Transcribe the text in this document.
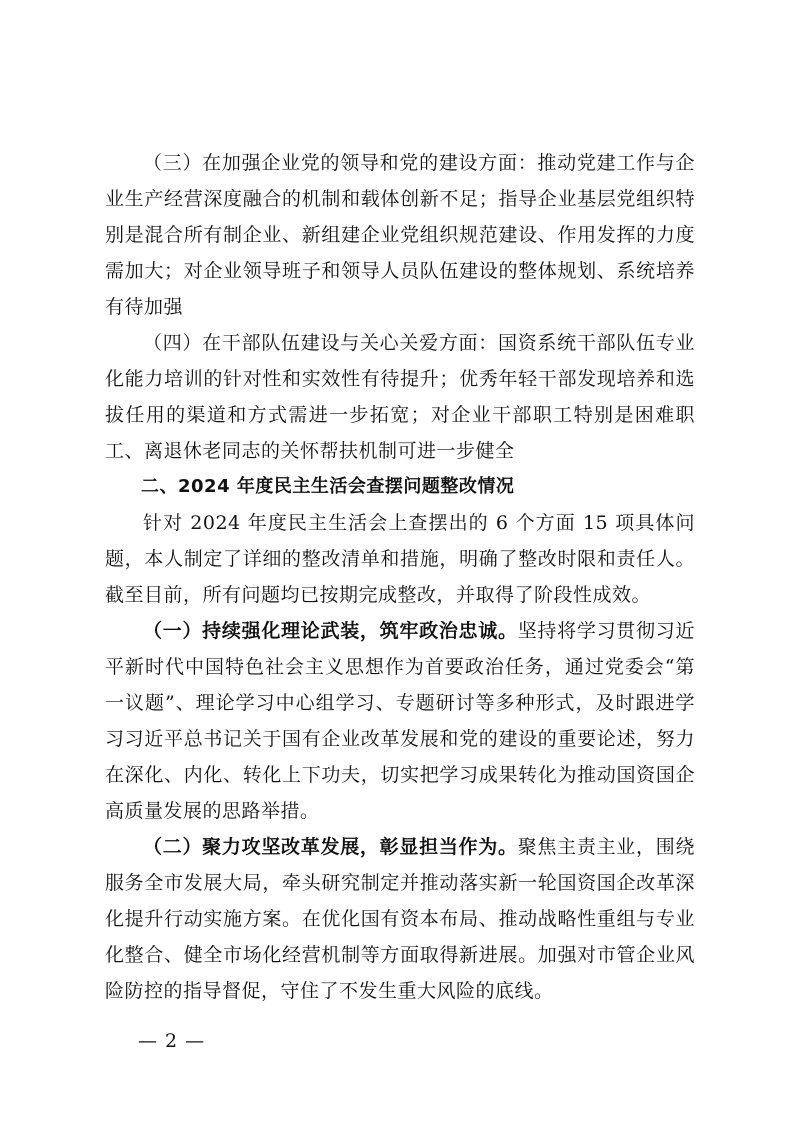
（三）在加强企业党的领导和党的建设方面：推动党建工作与企业生产经营深度融合的机制和载体创新不足；指导企业基层党组织特别是混合所有制企业、新组建企业党组织规范建设、作用发挥的力度需加大；对企业领导班子和领导人员队伍建设的整体规划、系统培养有待加强

（四）在干部队伍建设与关心关爱方面：国资系统干部队伍专业化能力培训的针对性和实效性有待提升；优秀年轻干部发现培养和选拔任用的渠道和方式需进一步拓宽；对企业干部职工特别是困难职工、离退休老同志的关怀帮扶机制可进一步健全

二、2024 年度民主生活会查摆问题整改情况

针对 2024 年度民主生活会上查摆出的 6 个方面 15 项具体问题，本人制定了详细的整改清单和措施，明确了整改时限和责任人。截至目前，所有问题均已按期完成整改，并取得了阶段性成效。

（一）持续强化理论武装，筑牢政治忠诚。坚持将学习贯彻习近平新时代中国特色社会主义思想作为首要政治任务，通过党委会“第一议题”、理论学习中心组学习、专题研讨等多种形式，及时跟进学习习近平总书记关于国有企业改革发展和党的建设的重要论述，努力在深化、内化、转化上下功夫，切实把学习成果转化为推动国资国企高质量发展的思路举措。

（二）聚力攻坚改革发展，彰显担当作为。聚焦主责主业，围绕服务全市发展大局，牵头研究制定并推动落实新一轮国资国企改革深化提升行动实施方案。在优化国有资本布局、推动战略性重组与专业化整合、健全市场化经营机制等方面取得新进展。加强对市管企业风险防控的指导督促，守住了不发生重大风险的底线。

— 2 —
